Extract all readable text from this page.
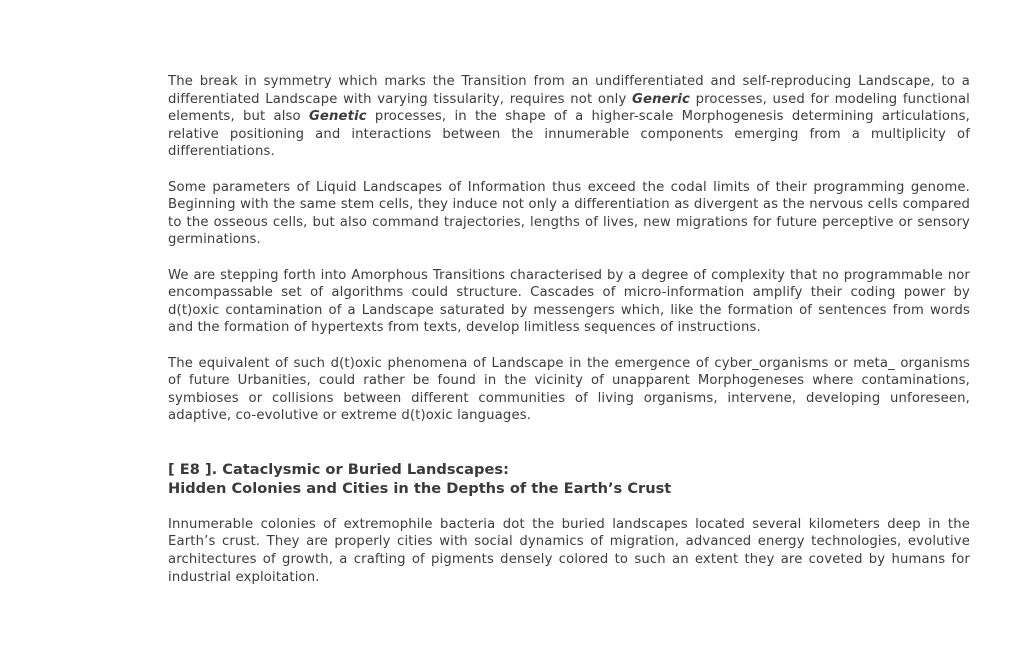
The break in symmetry which marks the Transition from an undifferentiated and self-reproducing Landscape, to a differentiated Landscape with varying tissularity, requires not only Generic processes, used for modeling functional elements, but also Genetic processes, in the shape of a higher-scale Morphogenesis determining articulations, relative positioning and interactions between the innumerable components emerging from a multiplicity of differentiations.

Some parameters of Liquid Landscapes of Information thus exceed the codal limits of their programming genome. Beginning with the same stem cells, they induce not only a differentiation as divergent as the nervous cells compared to the osseous cells, but also command trajectories, lengths of lives, new migrations for future perceptive or sensory germinations.

We are stepping forth into Amorphous Transitions characterised by a degree of complexity that no programmable nor encompassable set of algorithms could structure. Cascades of micro-information amplify their coding power by d(t)oxic contamination of a Landscape saturated by messengers which, like the formation of sentences from words and the formation of hypertexts from texts, develop limitless sequences of instructions.

The equivalent of such d(t)oxic phenomena of Landscape in the emergence of cyber_organisms or meta_ organisms of future Urbanities, could rather be found in the vicinity of unapparent Morphogeneses where contaminations, symbioses or collisions between different communities of living organisms, intervene, developing unforeseen, adaptive, co-evolutive or extreme d(t)oxic languages.

[ E8 ]. Cataclysmic or Buried Landscapes:
Hidden Colonies and Cities in the Depths of the Earth’s Crust

Innumerable colonies of extremophile bacteria dot the buried landscapes located several kilometers deep in the Earth’s crust. They are properly cities with social dynamics of migration, advanced energy technologies, evolutive architectures of growth, a crafting of pigments densely colored to such an extent they are coveted by humans for industrial exploitation.
